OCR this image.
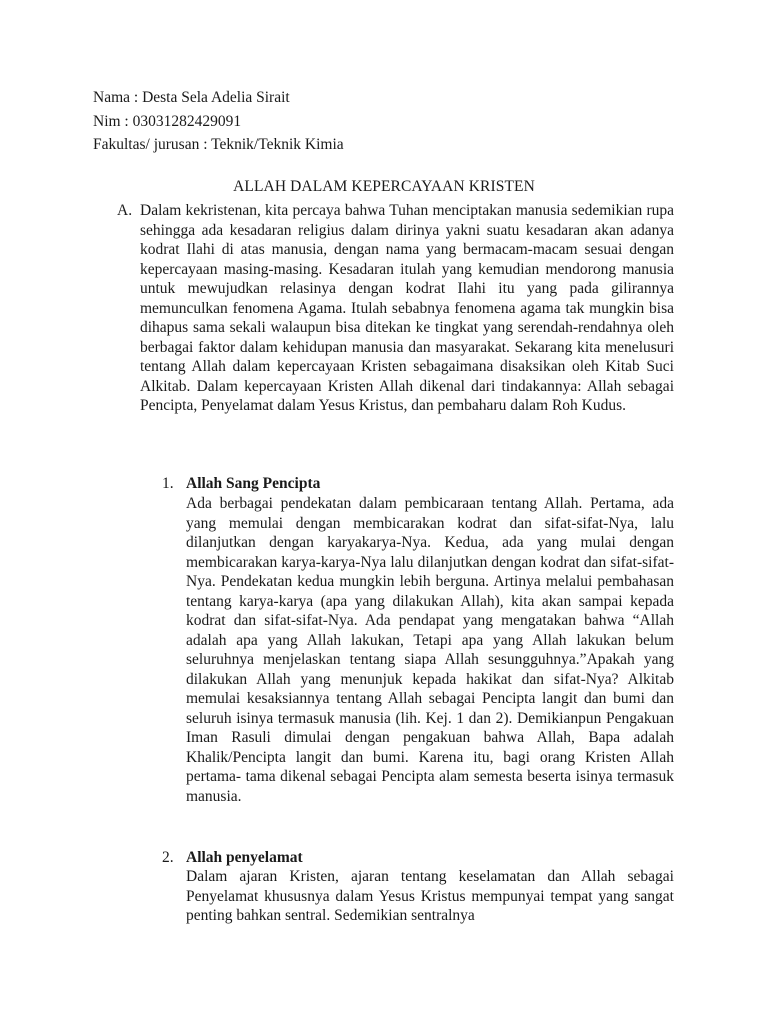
Nama : Desta Sela Adelia Sirait
Nim : 03031282429091
Fakultas/ jurusan : Teknik/Teknik Kimia
ALLAH DALAM KEPERCAYAAN KRISTEN
A. Dalam kekristenan, kita percaya bahwa Tuhan menciptakan manusia sedemikian rupa sehingga ada kesadaran religius dalam dirinya yakni suatu kesadaran akan adanya kodrat Ilahi di atas manusia, dengan nama yang bermacam-macam sesuai dengan kepercayaan masing-masing. Kesadaran itulah yang kemudian mendorong manusia untuk mewujudkan relasinya dengan kodrat Ilahi itu yang pada gilirannya memunculkan fenomena Agama. Itulah sebabnya fenomena agama tak mungkin bisa dihapus sama sekali walaupun bisa ditekan ke tingkat yang serendah-rendahnya oleh berbagai faktor dalam kehidupan manusia dan masyarakat. Sekarang kita menelusuri tentang Allah dalam kepercayaan Kristen sebagaimana disaksikan oleh Kitab Suci Alkitab. Dalam kepercayaan Kristen Allah dikenal dari tindakannya: Allah sebagai Pencipta, Penyelamat dalam Yesus Kristus, dan pembaharu dalam Roh Kudus.
1. Allah Sang Pencipta
Ada berbagai pendekatan dalam pembicaraan tentang Allah. Pertama, ada yang memulai dengan membicarakan kodrat dan sifat-sifat-Nya, lalu dilanjutkan dengan karyakarya-Nya. Kedua, ada yang mulai dengan membicarakan karya-karya-Nya lalu dilanjutkan dengan kodrat dan sifat-sifat-Nya. Pendekatan kedua mungkin lebih berguna. Artinya melalui pembahasan tentang karya-karya (apa yang dilakukan Allah), kita akan sampai kepada kodrat dan sifat-sifat-Nya. Ada pendapat yang mengatakan bahwa “Allah adalah apa yang Allah lakukan, Tetapi apa yang Allah lakukan belum seluruhnya menjelaskan tentang siapa Allah sesungguhnya.”Apakah yang dilakukan Allah yang menunjuk kepada hakikat dan sifat-Nya? Alkitab memulai kesaksiannya tentang Allah sebagai Pencipta langit dan bumi dan seluruh isinya termasuk manusia (lih. Kej. 1 dan 2). Demikianpun Pengakuan Iman Rasuli dimulai dengan pengakuan bahwa Allah, Bapa adalah Khalik/Pencipta langit dan bumi. Karena itu, bagi orang Kristen Allah pertama- tama dikenal sebagai Pencipta alam semesta beserta isinya termasuk manusia.
2. Allah penyelamat
Dalam ajaran Kristen, ajaran tentang keselamatan dan Allah sebagai Penyelamat khususnya dalam Yesus Kristus mempunyai tempat yang sangat penting bahkan sentral. Sedemikian sentralnya
